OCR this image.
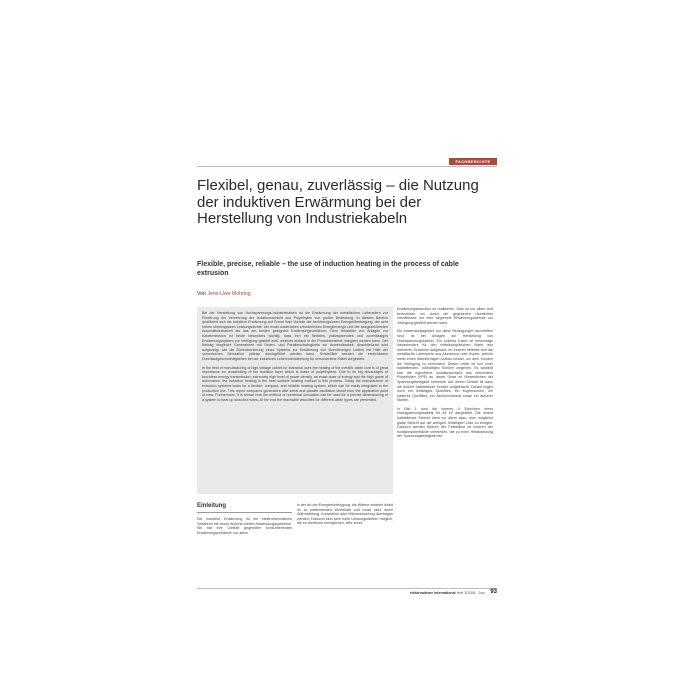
FACHBERICHTE
Flexibel, genau, zuverlässig – die Nutzung der induktiven Erwärmung bei der Herstellung von Industriekabeln
Flexible, precise, reliable – the use of induction heating in the process of cable extrusion
Von Jens-Uwe Mohring

Bei der Herstellung von Hochspannungs-Industriekabeln ist die Erwärmung der metallischen Leiteradern zur Förderung der Vernetzung der Isolationsschicht aus Polyethylen von großer Bedeutung. In diesem Bereich qualifiziert sich die induktive Erwärmung auf Grund ihrer Vorteile der berührungslosen Energieübertragung, der sehr hohen übertragbaren Leistungsdichte, der exakt dosierbaren erforderlichen Energiemenge und der ausgezeichneten Automatisierbarkeit als das am besten geeignete Erwärmungsverfahren. Dem Hersteller von Anlagen zur Kabelextrusion ist heute besonders wichtig, dass ihm ein flexibles, platzsparendes und zuverlässiges Erwärmungssystem zur Verfügung gestellt wird, welches einfach in die Produktionslinie integriert werden kann. Der Beitrag vergleicht Generatoren mit Serien- und Parallelschwingkreis zur Anwendbarkeit. Anschließend wird aufgezeigt, wie die Dimensionierung eines Systems zur Erwärmung von litzenförmigen Leitern mit Hilfe der numerischen Simulation präzise durchgeführt werden kann. Schließlich werden die erreichbaren Durchlaufgeschwindigkeiten bei der induktiven Leitervorerwärmung für verschiedene Kabel vorgestellt.

In the field of manufacturing of high-voltage cables for industrial uses the heating of the metallic cable core is of great importance for crosslinking of the isolation layer which is made of polyethylene. Due to its big advantages of touchless energy transmission, extremely high level of power density, an exact dose of energy and the high grade of automation, the induction heating is the best suitable heating method in this process. Today the manufacturer of extrusion systems looks for a flexible, compact, and reliable heating system, which can be easily integrated in the production line. This report compares generators with serial and parallel oscillation circuit from the application point of view. Furthermore, it is shown how the method of numerical simulation can be used for a precise dimensioning of a system to heat up stranded wires. At the end the reachable velocities for different cable types are presented.

Erwärmungsstrecken zu realisieren. Dies ist vor allem dort bedeutsam, wo durch die gegebenen räumlichen Verhältnisse nur eine begrenzte Erwärmungsstrecke zur Verfügung gestellt werden kann.

Ein Anwendungsgebiet, wo diese Bedingungen anzutreffen sind, ist bei Anlagen zur Herstellung von Hochspannungskabeln. Ein solches Kabel ist heutzutage insbesondere für den mitteleuropäischen Markt aus mehreren Schichten aufgebaut: im Inneren befindet sich die metallische Leiterseele aus Aluminium oder Kupfer, welche meist einen litzenförmigen Aufbau besitzt, um dem Kunden die Verlegung zu erleichtern. Dieser Leiter ist von einer halbleitenden, rußhaltigen Schicht umgeben. Es schließt sich die eigentliche Isolationsschicht aus vernetztem Polyethylen (VPE) an, deren Dicke im Wesentlichen der Spannungsfestigkeit bestimmt. Auf dieser Schicht ist dann die äußere halbleitende Schicht aufgebracht. Darauf folgen noch ein leitfähiges Quellflies, ein Kupferschirm, ein weiteres Quellflies, ein Aluminiumband sowie ein äußerer Mantel.

In Bild 1 sind die inneren 4 Schichten eines Hochspannungskabels für 64 kV dargestellt. Die innere halbleitende Schicht dient vor allem dazu, eine möglichst glatte Schicht auf die welligen, leitfähigen Litze zu bringen. Dadurch werden Spitzen der Feldstärke im Inneren der Isolationsoberfläche vermieden, die zu einer Herabsetzung der Spannungsfestigkeit des

Einleitung

Die induktive Erwärmung ist ein elektrothermisches Verfahren mit einem äußerst breiten Anwendungsspektrum. Sie hat ihre Vorteile gegenüber konkurrierenden Erwärmungsverfahren vor allem

in der Art der Energieeinbringung: die Wärme entsteht direkt im zu erwärmenden Werkstück und muss nicht durch Wärmeleitung, Konvektion oder Wärmestrahlung übertragen werden. Dadurch sind sehr hohe Leistungsdichten möglich, die es wiederum ermöglichen, sehr kurze

elektrowärme international Heft 3/2008 · Juni 93
